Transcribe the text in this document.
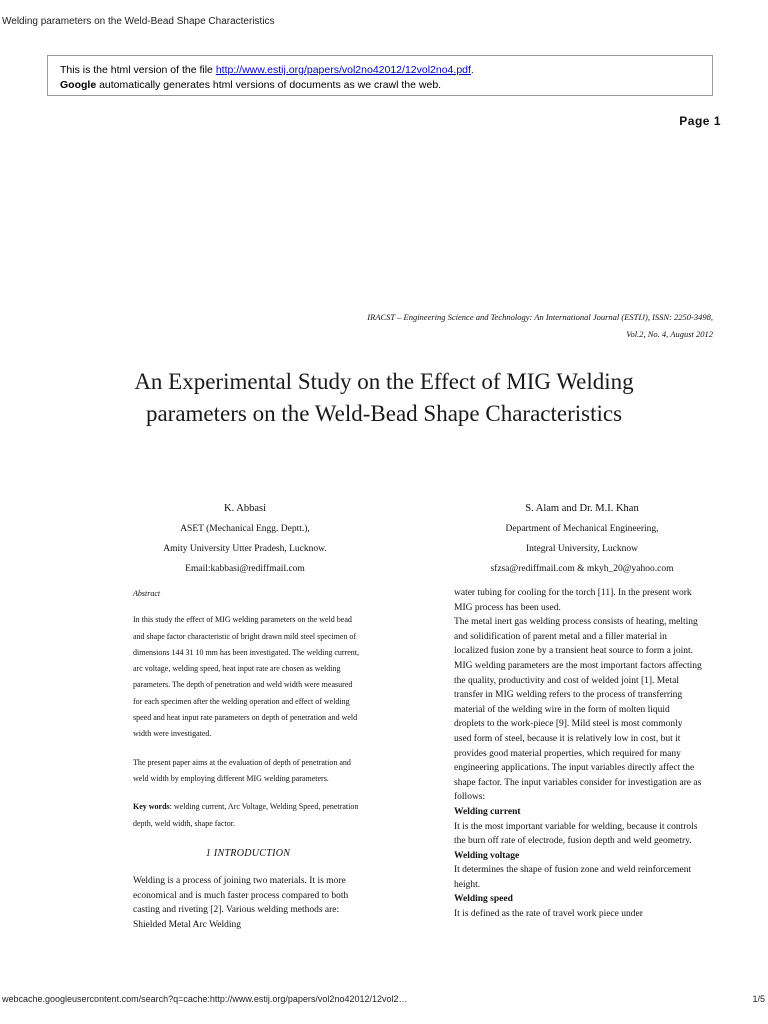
Welding parameters on the Weld-Bead Shape Characteristics
This is the html version of the file http://www.estij.org/papers/vol2no42012/12vol2no4.pdf.
Google automatically generates html versions of documents as we crawl the web.
Page 1
IRACST – Engineering Science and Technology: An International Journal (ESTIJ), ISSN: 2250-3498,
Vol.2, No. 4, August 2012
An Experimental Study on the Effect of MIG Welding parameters on the Weld-Bead Shape Characteristics
K. Abbasi
ASET (Mechanical Engg. Deptt.),
Amity University Utter Pradesh, Lucknow.
Email:kabbasi@rediffmail.com
S. Alam and Dr. M.I. Khan
Department of Mechanical Engineering,
Integral University, Lucknow
sfzsa@rediffmail.com & mkyh_20@yahoo.com

Abstract

In this study the effect of MIG welding parameters on the weld bead and shape factor characteristic of bright drawn mild steel specimen of dimensions 144 31 10 mm has been investigated. The welding current, arc voltage, welding speed, heat input rate are chosen as welding parameters. The depth of penetration and weld width were measured for each specimen after the welding operation and effect of welding speed and heat input rate parameters on depth of penetration and weld width were investigated.

The present paper aims at the evaluation of depth of penetration and weld width by employing different MIG welding parameters.

Key words: welding current, Arc Voltage, Welding Speed, penetration depth, weld width, shape factor.

1 INTRODUCTION

Welding is a process of joining two materials. It is more economical and is much faster process compared to both casting and riveting [2]. Various welding methods are: Shielded Metal Arc Welding

water tubing for cooling for the torch [11]. In the present work MIG process has been used.

The metal inert gas welding process consists of heating, melting and solidification of parent metal and a filler material in localized fusion zone by a transient heat source to form a joint. MIG welding parameters are the most important factors affecting the quality, productivity and cost of welded joint [1]. Metal transfer in MIG welding refers to the process of transferring material of the welding wire in the form of molten liquid droplets to the work-piece [9]. Mild steel is most commonly used form of steel, because it is relatively low in cost, but it provides good material properties, which required for many engineering applications. The input variables directly affect the shape factor. The input variables consider for investigation are as follows:

Welding current

It is the most important variable for welding, because it controls the burn off rate of electrode, fusion depth and weld geometry.

Welding voltage

It determines the shape of fusion zone and weld reinforcement height.

Welding speed

It is defined as the rate of travel work piece under

webcache.googleusercontent.com/search?q=cache:http://www.estij.org/papers/vol2no42012/12vol2…	1/5
